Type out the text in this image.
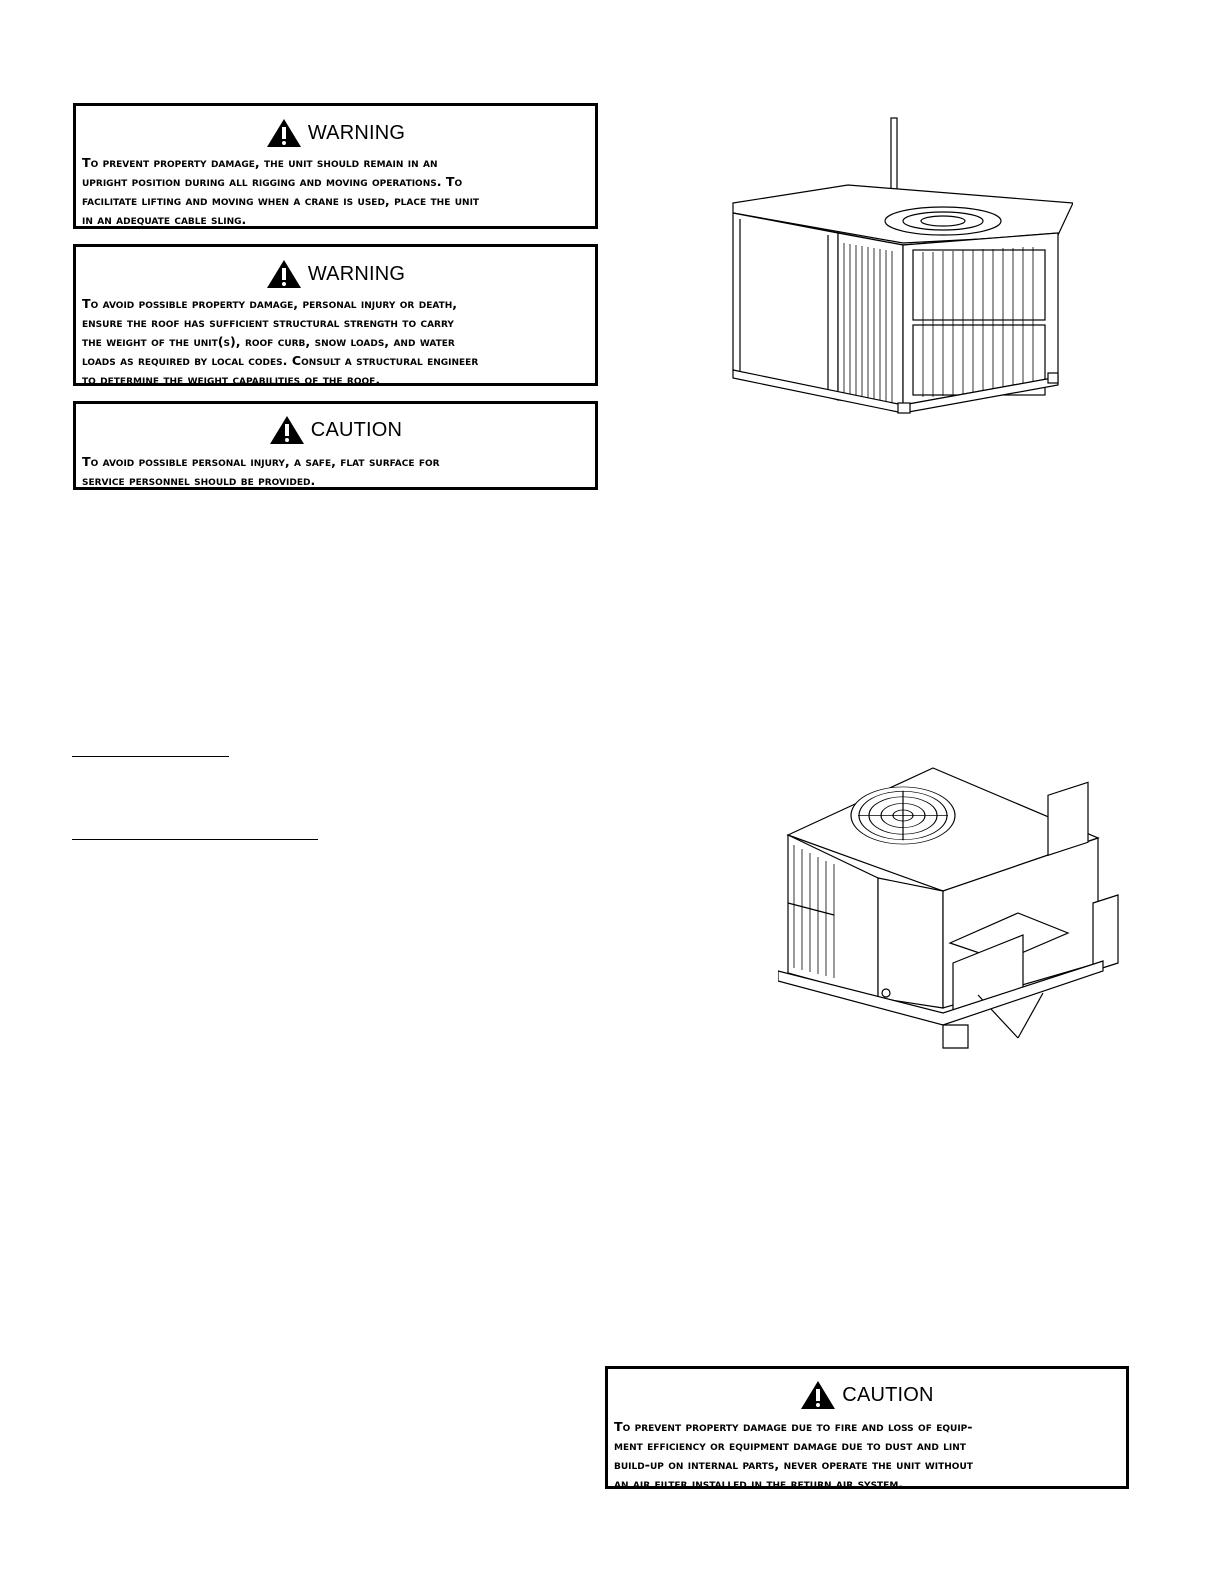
WARNING

To prevent property damage, the unit should remain in an

upright position during all rigging and moving operations. To

facilitate lifting and moving when a crane is used, place the unit

in an adequate cable sling.

WARNING

To avoid possible property damage, personal injury or death,

ensure the roof has sufficient structural strength to carry

the weight of the unit(s), roof curb, snow loads, and water

loads as required by local codes. Consult a structural engineer

to determine the weight capabilities of the roof.

CAUTION

To avoid possible personal injury, a safe, flat surface for

service personnel should be provided.

CAUTION

To prevent property damage due to fire and loss of equip-

ment efficiency or equipment damage due to dust and lint

build-up on internal parts, never operate the unit without

an air filter installed in the return air system.
